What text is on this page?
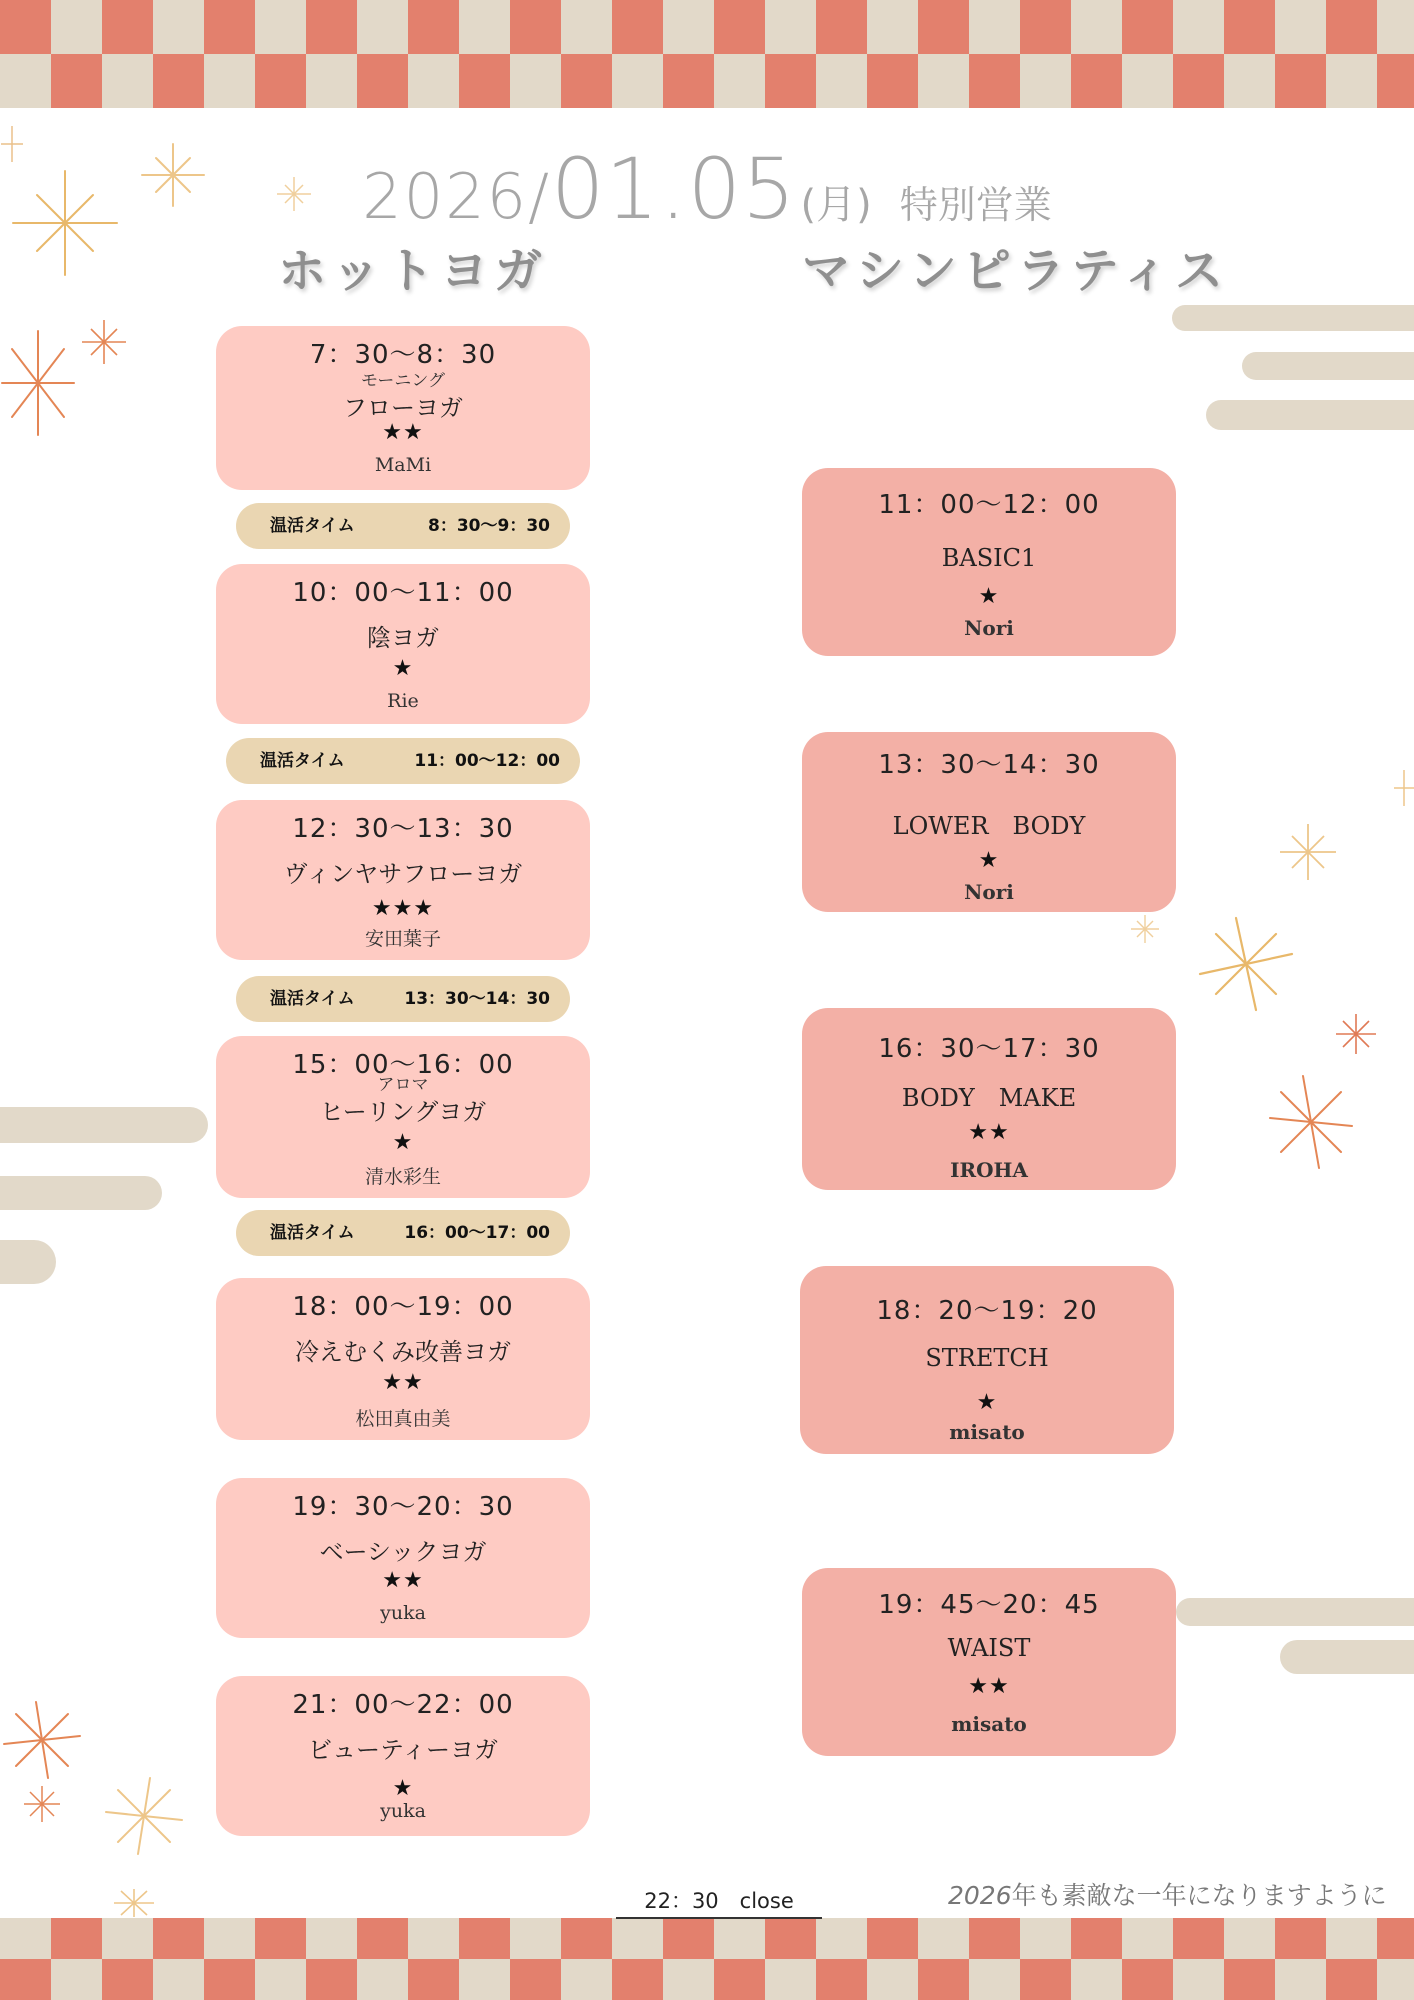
2026/01.05 (月) 特別営業
ホットヨガ	マシンピラティス
7：30〜8：30
モーニング
フローヨガ
★★
MaMi
温活タイム	8：30〜9：30
10：00〜11：00
陰ヨガ
★
Rie
温活タイム	11：00〜12：00
12：30〜13：30
ヴィンヤサフローヨガ
★★★
安田葉子
温活タイム	13：30〜14：30
15：00〜16：00
アロマ
ヒーリングヨガ
★
清水彩生
温活タイム	16：00〜17：00
18：00〜19：00
冷えむくみ改善ヨガ
★★
松田真由美
19：30〜20：30
ベーシックヨガ
★★
yuka
21：00〜22：00
ビューティーヨガ
★
yuka
11：00〜12：00
BASIC1
★
Nori
13：30〜14：30
LOWER　BODY
★
Nori
16：30〜17：30
BODY　MAKE
★★
IROHA
18：20〜19：20
STRETCH
★
misato
19：45〜20：45
WAIST
★★
misato
22：30　close	2026年も素敵な一年になりますように
